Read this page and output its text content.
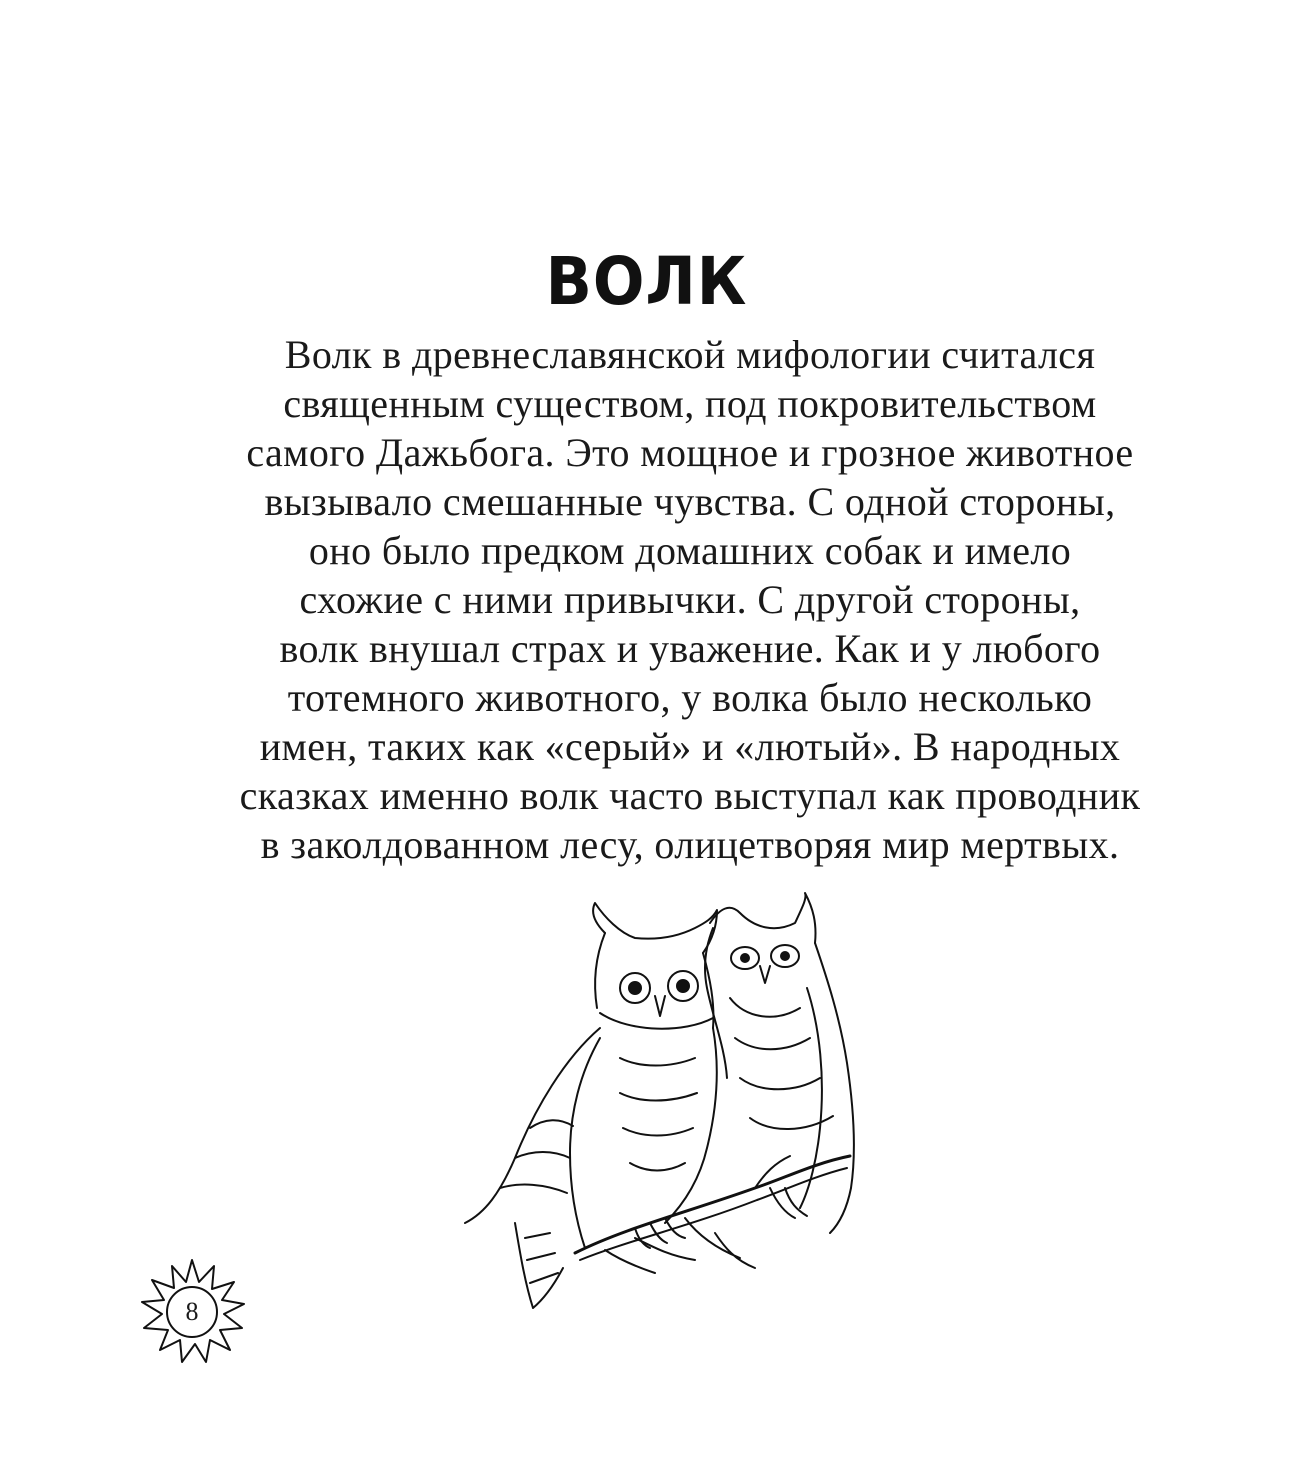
ВОЛК
Волк в древнеславянской мифологии считался
священным существом, под покровительством
самого Дажьбога. Это мощное и грозное животное
вызывало смешанные чувства. С одной стороны,
оно было предком домашних собак и имело
схожие с ними привычки. С другой стороны,
волк внушал страх и уважение. Как и у любого
тотемного животного, у волка было несколько
имен, таких как «серый» и «лютый». В народных
сказках именно волк часто выступал как проводник
в заколдованном лесу, олицетворяя мир мертвых.
8
